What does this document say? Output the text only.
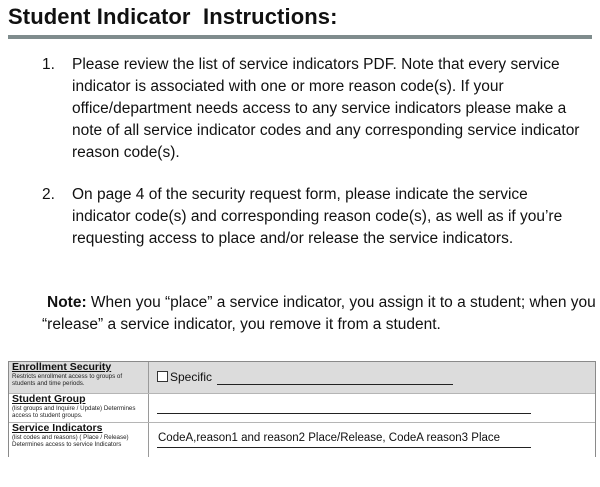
Student Indicator  Instructions:
1. Please review the list of service indicators PDF. Note that every service indicator is associated with one or more reason code(s). If your office/department needs access to any service indicators please make a note of all service indicator codes and any corresponding service indicator reason code(s).
2. On page 4 of the security request form, please indicate the service indicator code(s) and corresponding reason code(s), as well as if you’re requesting access to place and/or release the service indicators.
Note: When you “place” a service indicator, you assign it to a student; when you “release” a service indicator, you remove it from a student.
Enrollment Security
Restricts enrollment access to groups of students and time periods.	Specific
Student Group
(list groups and Inquire / Update) Determines access to student groups.
Service Indicators
(list codes and reasons) ( Place / Release) Determines access to service Indicators
CodeA,reason1 and reason2 Place/Release, CodeA reason3 Place
